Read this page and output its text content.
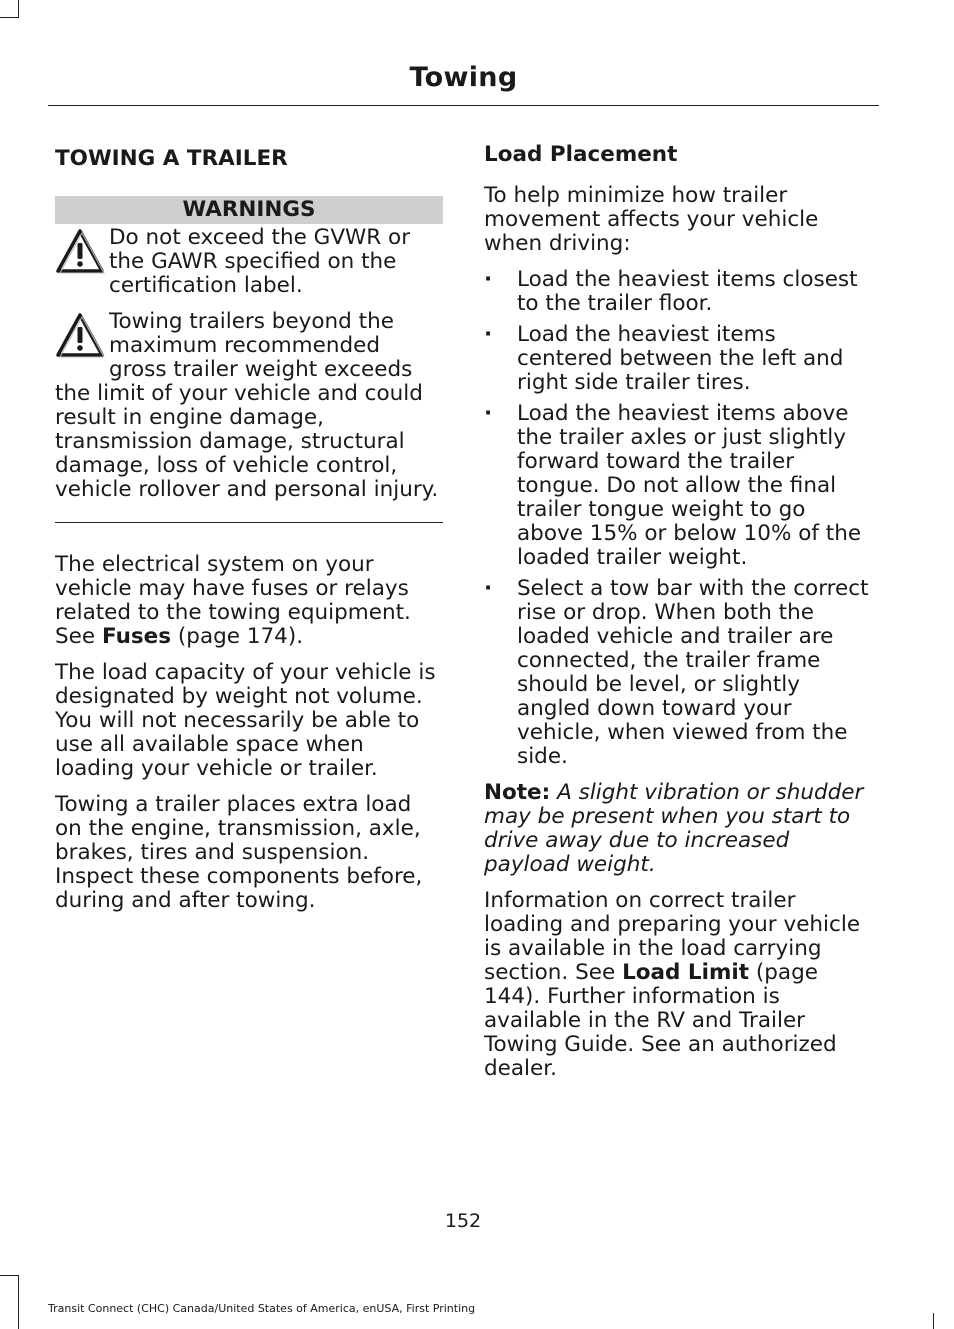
Towing
TOWING A TRAILER
WARNINGS
Do not exceed the GVWR or the GAWR specified on the certification label.
Towing trailers beyond the maximum recommended gross trailer weight exceeds the limit of your vehicle and could result in engine damage, transmission damage, structural damage, loss of vehicle control, vehicle rollover and personal injury.

The electrical system on your vehicle may have fuses or relays related to the towing equipment. See Fuses (page 174).

The load capacity of your vehicle is designated by weight not volume. You will not necessarily be able to use all available space when loading your vehicle or trailer.

Towing a trailer places extra load on the engine, transmission, axle, brakes, tires and suspension. Inspect these components before, during and after towing.

Load Placement

To help minimize how trailer movement affects your vehicle when driving:

· Load the heaviest items closest to the trailer floor.
· Load the heaviest items centered between the left and right side trailer tires.
· Load the heaviest items above the trailer axles or just slightly forward toward the trailer tongue. Do not allow the final trailer tongue weight to go above 15% or below 10% of the loaded trailer weight.
· Select a tow bar with the correct rise or drop. When both the loaded vehicle and trailer are connected, the trailer frame should be level, or slightly angled down toward your vehicle, when viewed from the side.

Note: A slight vibration or shudder may be present when you start to drive away due to increased payload weight.

Information on correct trailer loading and preparing your vehicle is available in the load carrying section. See Load Limit (page 144). Further information is available in the RV and Trailer Towing Guide. See an authorized dealer.

152
Transit Connect (CHC) Canada/United States of America, enUSA, First Printing
